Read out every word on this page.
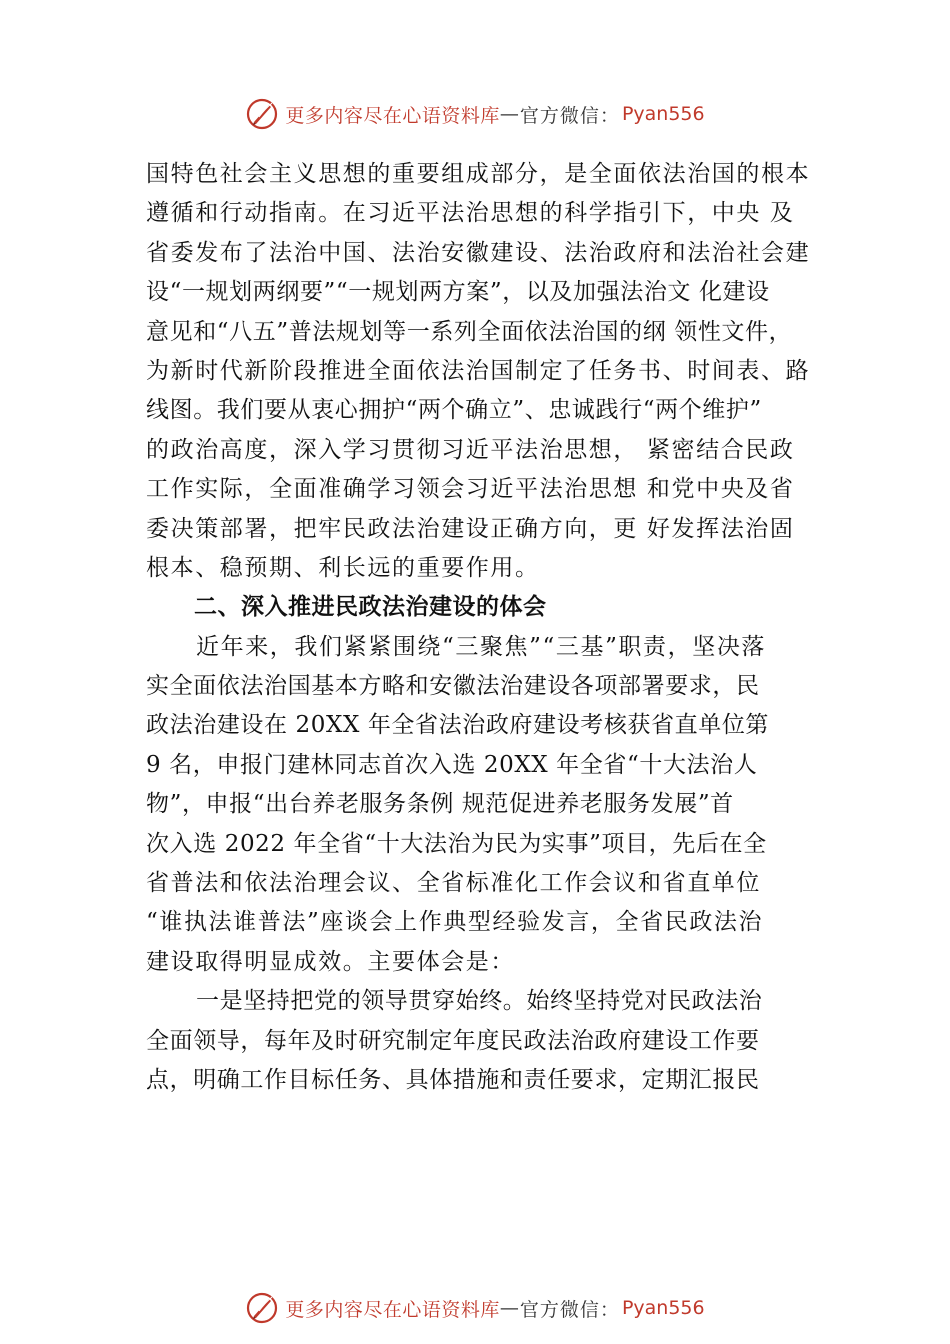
更多内容尽在心语资料库 — 官方微信： Pyan556
国特色社会主义思想的重要组成部分，是全面依法治国的根本
遵循和行动指南。在习近平法治思想的科学指引下，中央 及
省委发布了法治中国、法治安徽建设、法治政府和法治社会建
设“一规划两纲要”“一规划两方案”，以及加强法治文 化建设
意见和“八五”普法规划等一系列全面依法治国的纲 领性文件，
为新时代新阶段推进全面依法治国制定了任务书、时间表、路
线图。我们要从衷心拥护“两个确立”、忠诚践行“两个维护”
的政治高度，深入学习贯彻习近平法治思想， 紧密结合民政
工作实际，全面准确学习领会习近平法治思想 和党中央及省
委决策部署，把牢民政法治建设正确方向，更 好发挥法治固
根本、稳预期、利长远的重要作用。
二、深入推进民政法治建设的体会
近年来，我们紧紧围绕“三聚焦”“三基”职责，坚决落
实全面依法治国基本方略和安徽法治建设各项部署要求，民
政法治建设在 20XX 年全省法治政府建设考核获省直单位第
9 名，申报门建林同志首次入选 20XX 年全省“十大法治人
物”，申报“出台养老服务条例 规范促进养老服务发展”首
次入选 2022 年全省“十大法治为民为实事”项目，先后在全
省普法和依法治理会议、全省标准化工作会议和省直单位
“谁执法谁普法”座谈会上作典型经验发言，全省民政法治
建设取得明显成效。主要体会是：
一是坚持把党的领导贯穿始终。始终坚持党对民政法治
全面领导，每年及时研究制定年度民政法治政府建设工作要
点，明确工作目标任务、具体措施和责任要求，定期汇报民
更多内容尽在心语资料库 — 官方微信： Pyan556
